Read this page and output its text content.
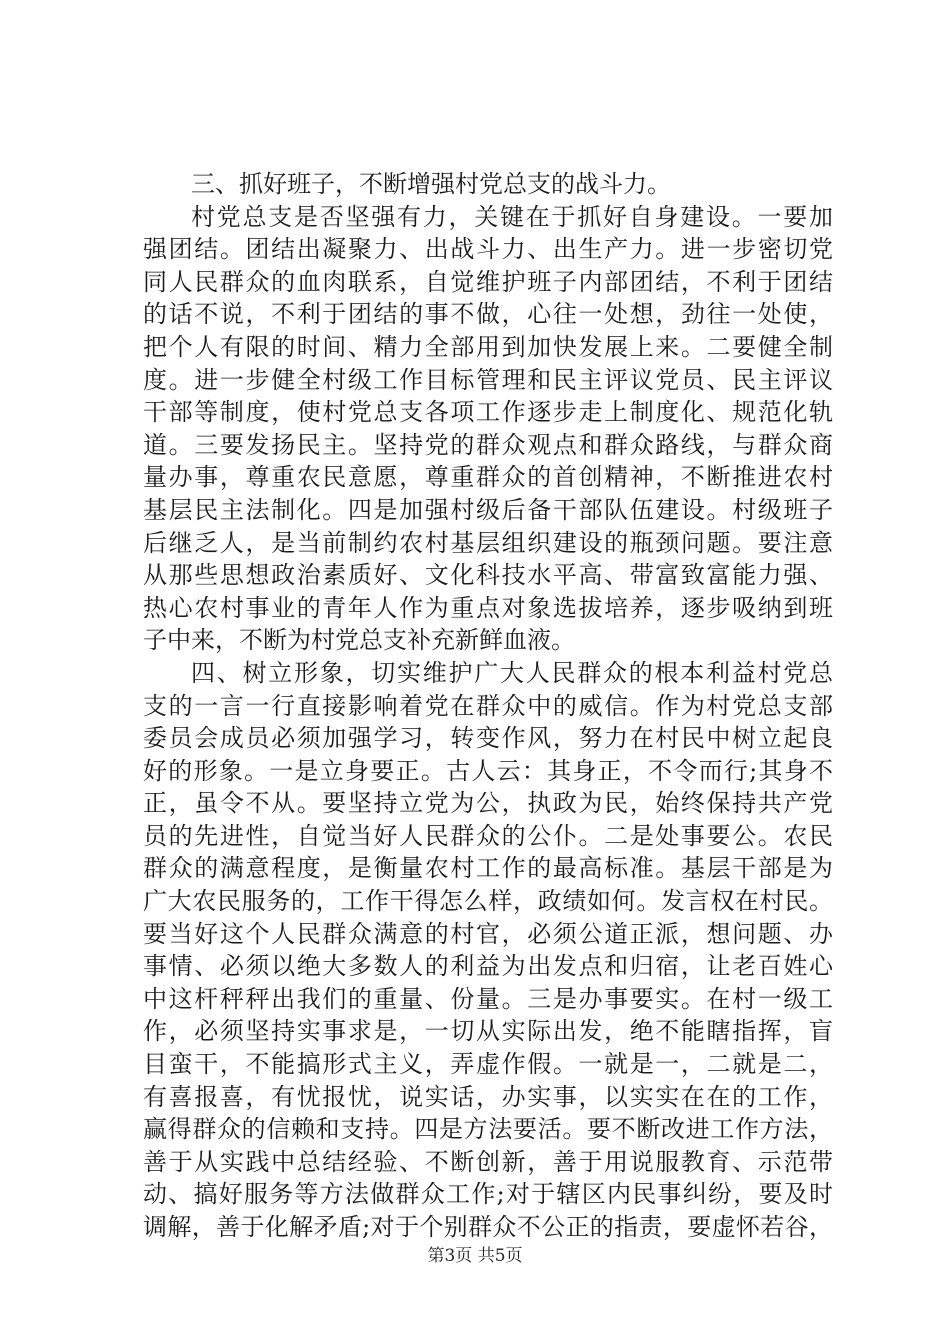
三、抓好班子，不断增强村党总支的战斗力。
村党总支是否坚强有力，关键在于抓好自身建设。一要加
强团结。团结出凝聚力、出战斗力、出生产力。进一步密切党
同人民群众的血肉联系，自觉维护班子内部团结，不利于团结
的话不说，不利于团结的事不做，心往一处想，劲往一处使，
把个人有限的时间、精力全部用到加快发展上来。二要健全制
度。进一步健全村级工作目标管理和民主评议党员、民主评议
干部等制度，使村党总支各项工作逐步走上制度化、规范化轨
道。三要发扬民主。坚持党的群众观点和群众路线，与群众商
量办事，尊重农民意愿，尊重群众的首创精神，不断推进农村
基层民主法制化。四是加强村级后备干部队伍建设。村级班子
后继乏人，是当前制约农村基层组织建设的瓶颈问题。要注意
从那些思想政治素质好、文化科技水平高、带富致富能力强、
热心农村事业的青年人作为重点对象选拔培养，逐步吸纳到班
子中来，不断为村党总支补充新鲜血液。
四、树立形象，切实维护广大人民群众的根本利益村党总
支的一言一行直接影响着党在群众中的威信。作为村党总支部
委员会成员必须加强学习，转变作风，努力在村民中树立起良
好的形象。一是立身要正。古人云：其身正，不令而行;其身不
正，虽令不从。要坚持立党为公，执政为民，始终保持共产党
员的先进性，自觉当好人民群众的公仆。二是处事要公。农民
群众的满意程度，是衡量农村工作的最高标准。基层干部是为
广大农民服务的，工作干得怎么样，政绩如何。发言权在村民。
要当好这个人民群众满意的村官，必须公道正派，想问题、办
事情、必须以绝大多数人的利益为出发点和归宿，让老百姓心
中这杆秤秤出我们的重量、份量。三是办事要实。在村一级工
作，必须坚持实事求是，一切从实际出发，绝不能瞎指挥，盲
目蛮干，不能搞形式主义，弄虚作假。一就是一，二就是二，
有喜报喜，有忧报忧，说实话，办实事，以实实在在的工作，
赢得群众的信赖和支持。四是方法要活。要不断改进工作方法，
善于从实践中总结经验、不断创新，善于用说服教育、示范带
动、搞好服务等方法做群众工作;对于辖区内民事纠纷，要及时
调解，善于化解矛盾;对于个别群众不公正的指责，要虚怀若谷，
第3页 共5页
